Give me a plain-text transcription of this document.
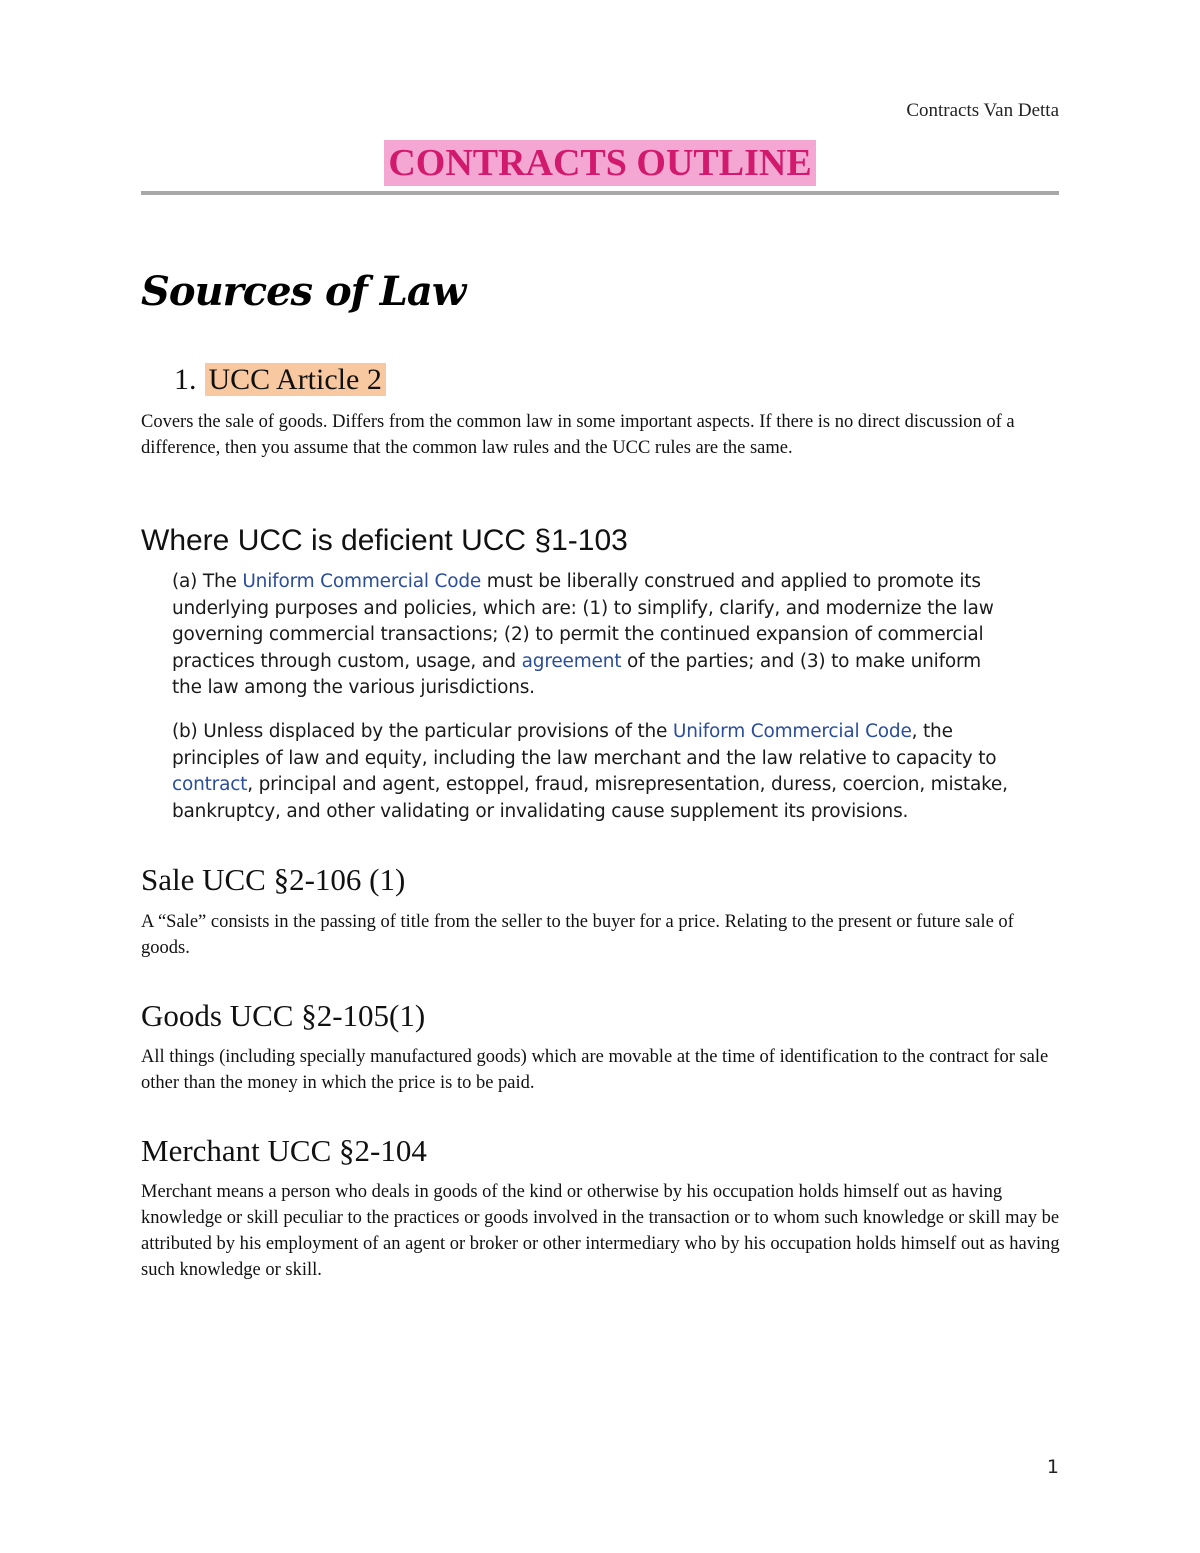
Contracts Van Detta
CONTRACTS OUTLINE
Sources of Law
1. UCC Article 2

Covers the sale of goods. Differs from the common law in some important aspects. If there is no direct discussion of a difference, then you assume that the common law rules and the UCC rules are the same.

Where UCC is deficient UCC §1-103

(a) The Uniform Commercial Code must be liberally construed and applied to promote its underlying purposes and policies, which are: (1) to simplify, clarify, and modernize the law governing commercial transactions; (2) to permit the continued expansion of commercial practices through custom, usage, and agreement of the parties; and (3) to make uniform the law among the various jurisdictions.

(b) Unless displaced by the particular provisions of the Uniform Commercial Code, the principles of law and equity, including the law merchant and the law relative to capacity to contract, principal and agent, estoppel, fraud, misrepresentation, duress, coercion, mistake, bankruptcy, and other validating or invalidating cause supplement its provisions.

Sale UCC §2-106 (1)

A “Sale” consists in the passing of title from the seller to the buyer for a price. Relating to the present or future sale of goods.

Goods UCC §2-105(1)

All things (including specially manufactured goods) which are movable at the time of identification to the contract for sale other than the money in which the price is to be paid.

Merchant UCC §2-104

Merchant means a person who deals in goods of the kind or otherwise by his occupation holds himself out as having knowledge or skill peculiar to the practices or goods involved in the transaction or to whom such knowledge or skill may be attributed by his employment of an agent or broker or other intermediary who by his occupation holds himself out as having such knowledge or skill.

1
